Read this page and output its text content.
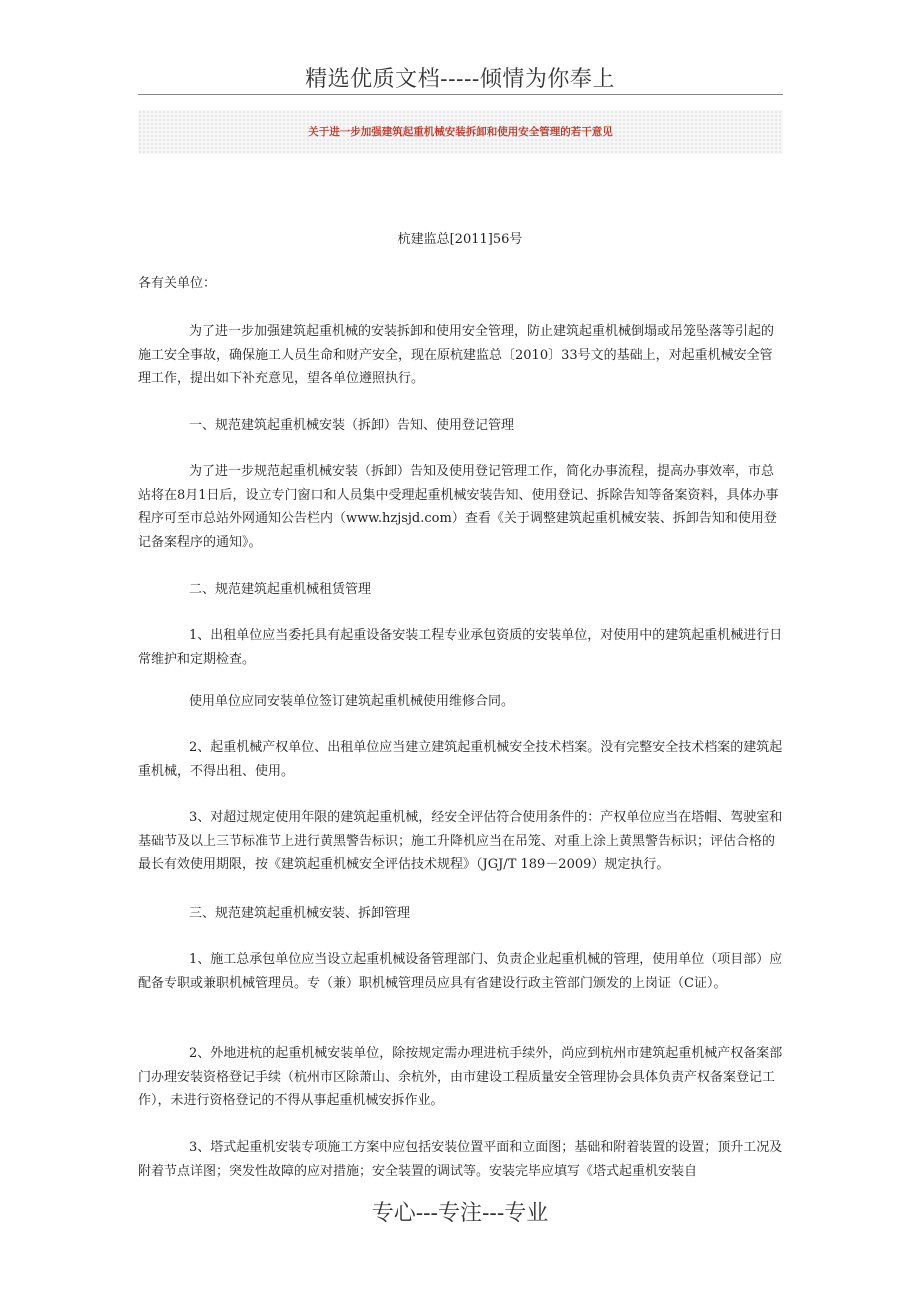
精选优质文档-----倾情为你奉上
关于进一步加强建筑起重机械安装拆卸和使用安全管理的若干意见
杭建监总[2011]56号

各有关单位：

为了进一步加强建筑起重机械的安装拆卸和使用安全管理，防止建筑起重机械倒塌或吊笼坠落等引起的施工安全事故，确保施工人员生命和财产安全，现在原杭建监总〔2010〕33号文的基础上，对起重机械安全管理工作，提出如下补充意见，望各单位遵照执行。

一、规范建筑起重机械安装（拆卸）告知、使用登记管理

为了进一步规范起重机械安装（拆卸）告知及使用登记管理工作，简化办事流程，提高办事效率，市总站将在8月1日后，设立专门窗口和人员集中受理起重机械安装告知、使用登记、拆除告知等备案资料，具体办事程序可至市总站外网通知公告栏内（www.hzjsjd.com）查看《关于调整建筑起重机械安装、拆卸告知和使用登记备案程序的通知》。

二、规范建筑起重机械租赁管理

1、出租单位应当委托具有起重设备安装工程专业承包资质的安装单位，对使用中的建筑起重机械进行日常维护和定期检查。

使用单位应同安装单位签订建筑起重机械使用维修合同。

2、起重机械产权单位、出租单位应当建立建筑起重机械安全技术档案。没有完整安全技术档案的建筑起重机械，不得出租、使用。

3、对超过规定使用年限的建筑起重机械，经安全评估符合使用条件的：产权单位应当在塔帽、驾驶室和基础节及以上三节标准节上进行黄黑警告标识；施工升降机应当在吊笼、对重上涂上黄黑警告标识；评估合格的最长有效使用期限，按《建筑起重机械安全评估技术规程》（JGJ/T 189－2009）规定执行。

三、规范建筑起重机械安装、拆卸管理

1、施工总承包单位应当设立起重机械设备管理部门、负责企业起重机械的管理，使用单位（项目部）应配备专职或兼职机械管理员。专（兼）职机械管理员应具有省建设行政主管部门颁发的上岗证（C证）。

2、外地进杭的起重机械安装单位，除按规定需办理进杭手续外，尚应到杭州市建筑起重机械产权备案部门办理安装资格登记手续（杭州市区除萧山、余杭外，由市建设工程质量安全管理协会具体负责产权备案登记工作），未进行资格登记的不得从事起重机械安拆作业。

3、塔式起重机安装专项施工方案中应包括安装位置平面和立面图；基础和附着装置的设置；顶升工况及附着节点详图；突发性故障的应对措施；安全装置的调试等。安装完毕应填写《塔式起重机安装自

专心---专注---专业
